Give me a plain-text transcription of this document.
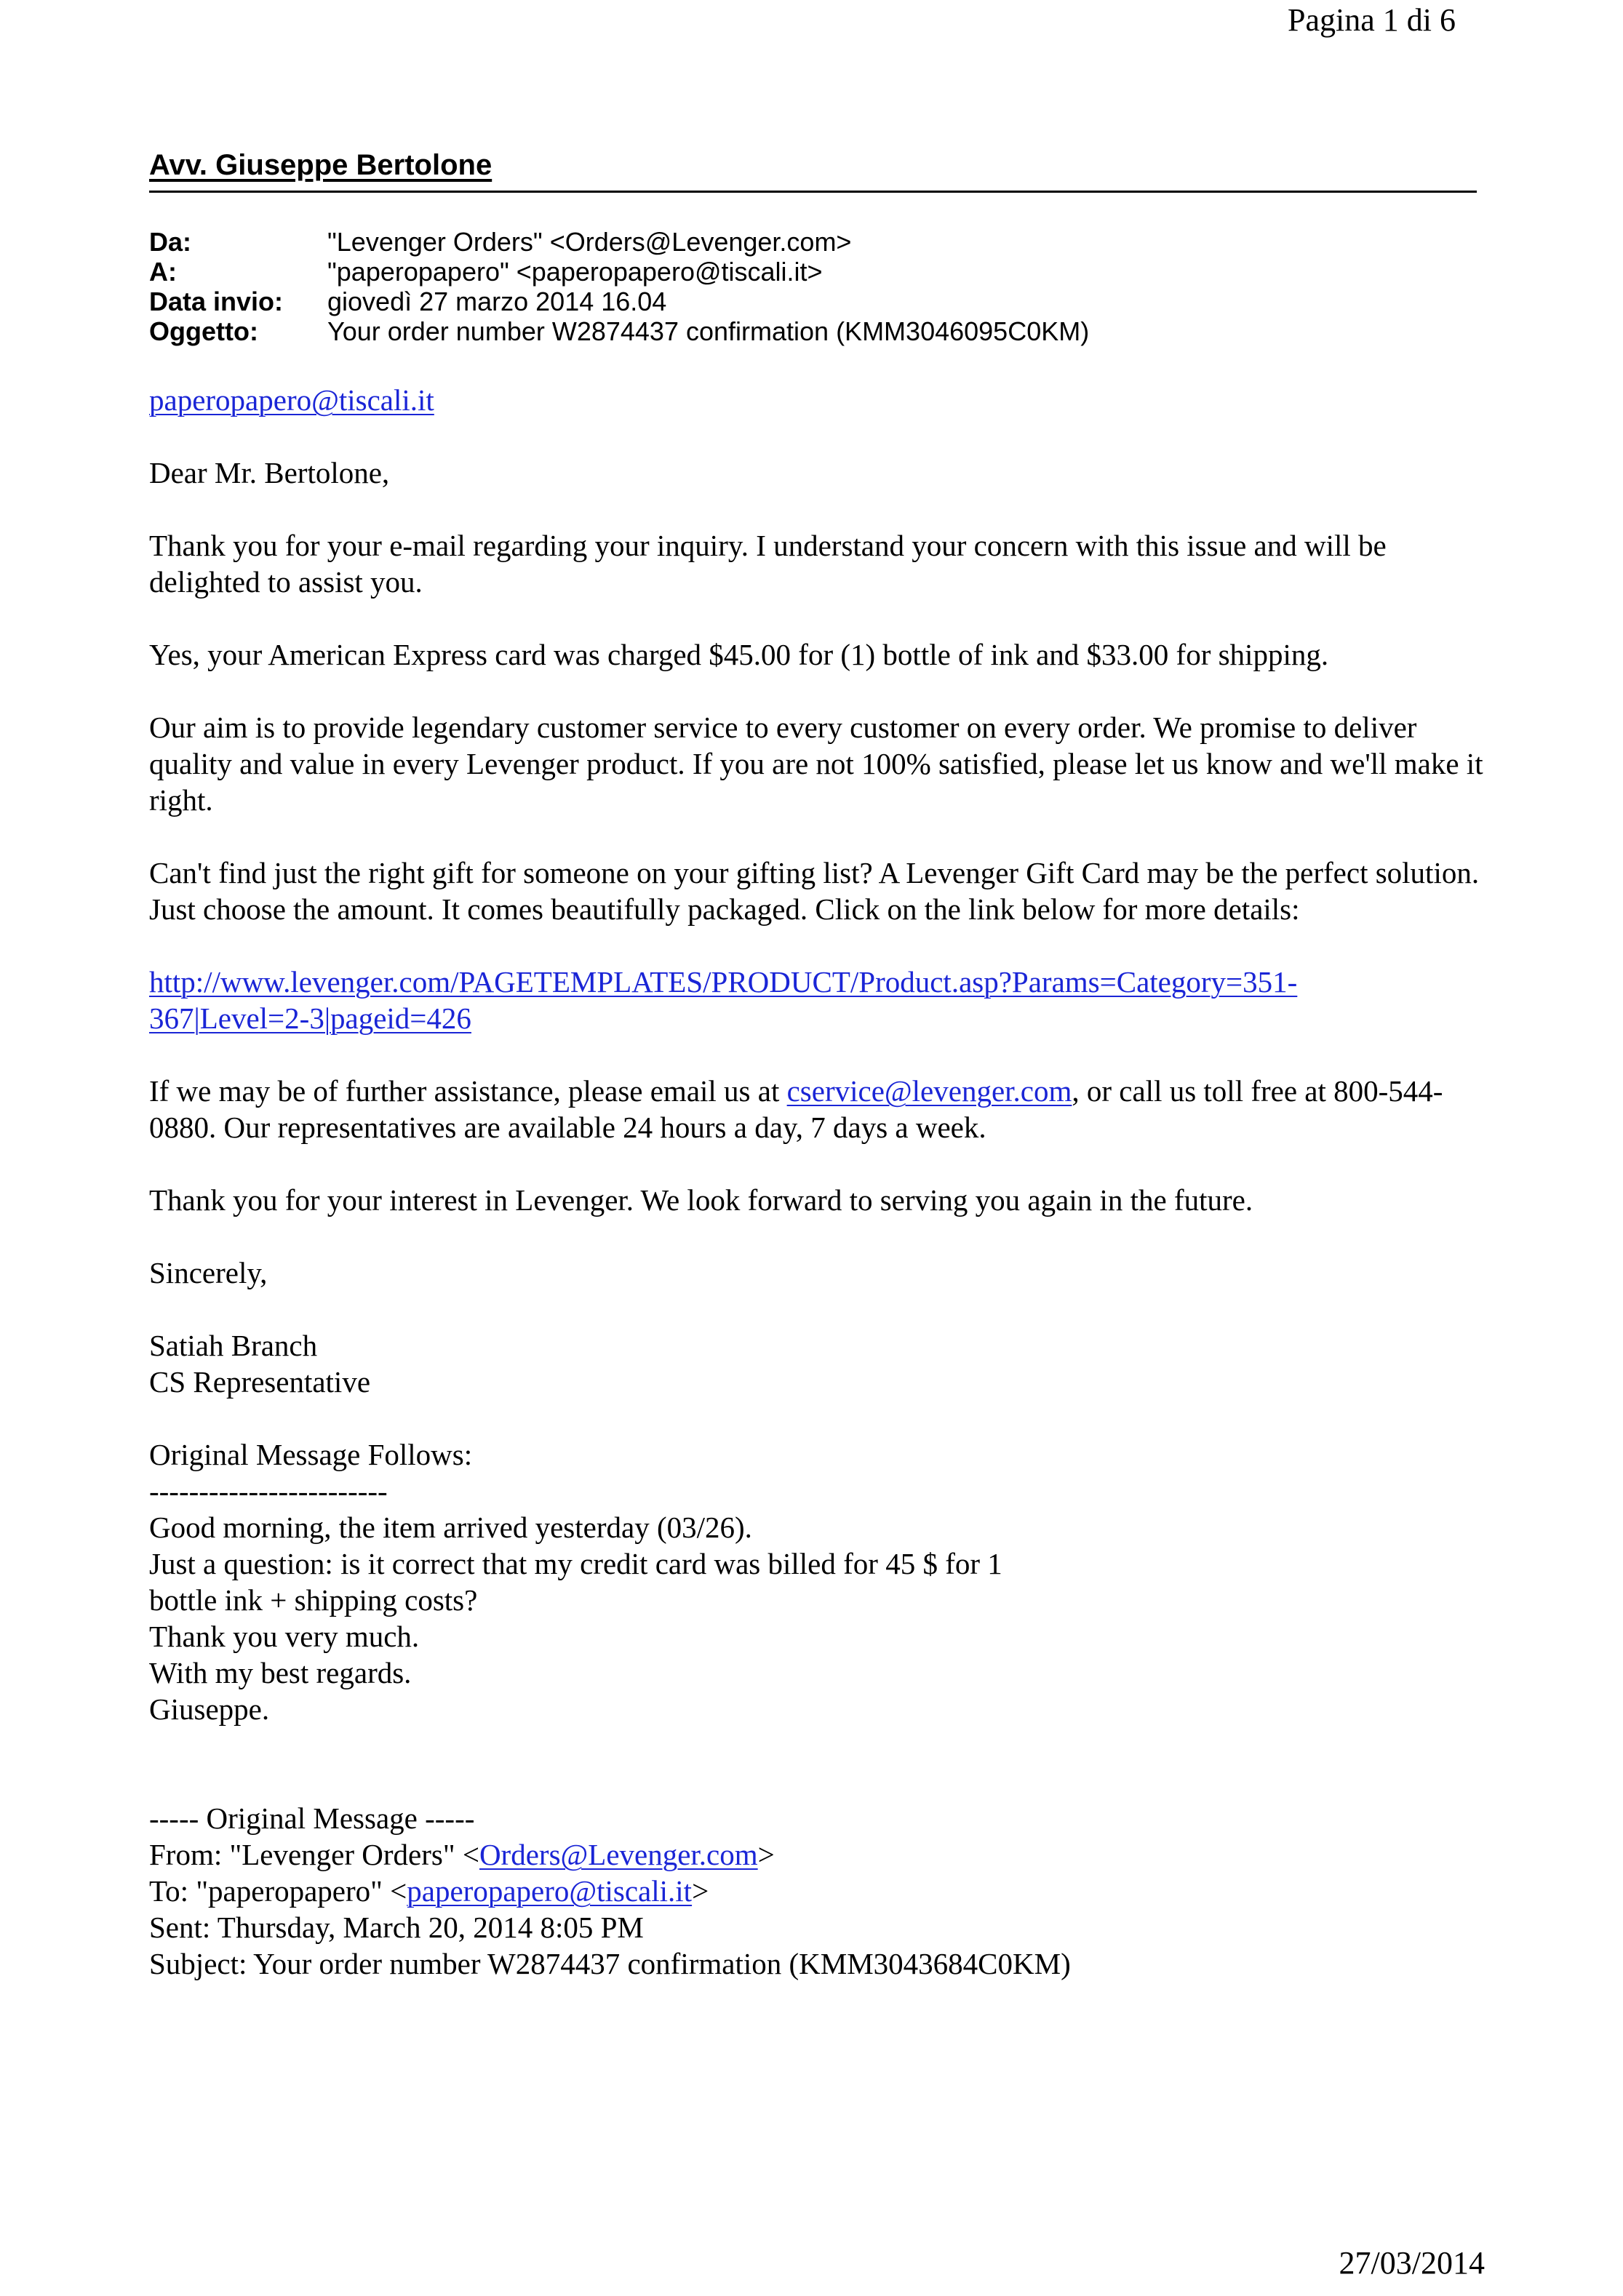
Pagina 1 di 6
Avv. Giuseppe Bertolone
Da:	"Levenger Orders" <Orders@Levenger.com>
A:	"paperopapero" <paperopapero@tiscali.it>
Data invio:	giovedì 27 marzo 2014 16.04
Oggetto:	Your order number W2874437 confirmation (KMM3046095C0KM)

paperopapero@tiscali.it

Dear Mr. Bertolone,

Thank you for your e-mail regarding your inquiry. I understand your concern with this issue and will be delighted to assist you.

Yes, your American Express card was charged $45.00 for (1) bottle of ink and $33.00 for shipping.

Our aim is to provide legendary customer service to every customer on every order. We promise to deliver quality and value in every Levenger product. If you are not 100% satisfied, please let us know and we'll make it right.

Can't find just the right gift for someone on your gifting list? A Levenger Gift Card may be the perfect solution. Just choose the amount. It comes beautifully packaged. Click on the link below for more details:

http://www.levenger.com/PAGETEMPLATES/PRODUCT/Product.asp?Params=Category=351-
367|Level=2-3|pageid=426

If we may be of further assistance, please email us at cservice@levenger.com, or call us toll free at 800-544-0880. Our representatives are available 24 hours a day, 7 days a week.

Thank you for your interest in Levenger. We look forward to serving you again in the future.

Sincerely,

Satiah Branch
CS Representative

Original Message Follows:

------------------------

Good morning, the item arrived yesterday (03/26).
Just a question: is it correct that my credit card was billed for 45 $ for 1
bottle ink + shipping costs?
Thank you very much.
With my best regards.
Giuseppe.

----- Original Message -----
From: "Levenger Orders" <Orders@Levenger.com>
To: "paperopapero" <paperopapero@tiscali.it>
Sent: Thursday, March 20, 2014 8:05 PM
Subject: Your order number W2874437 confirmation (KMM3043684C0KM)

27/03/2014
